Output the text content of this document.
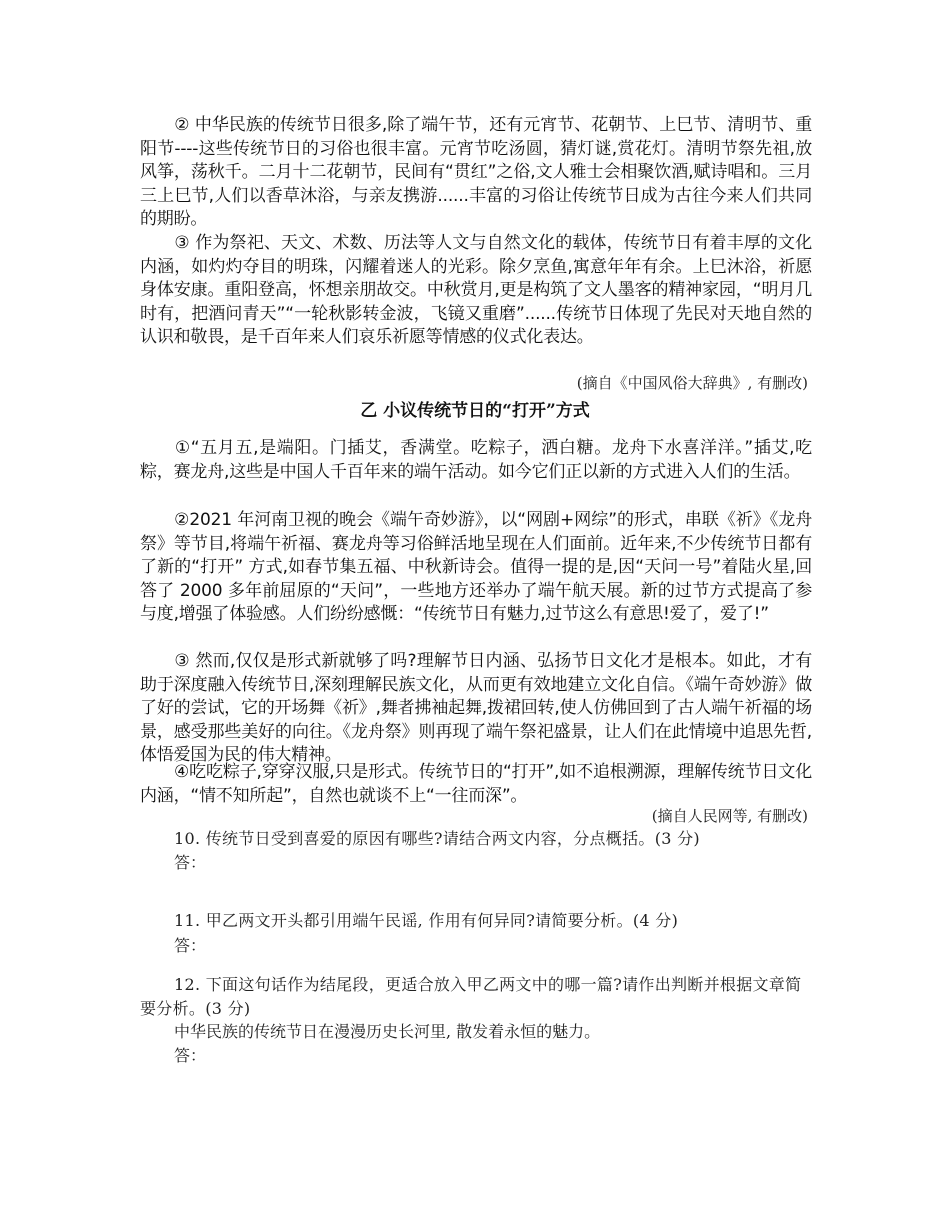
② 中华民族的传统节日很多,除了端午节，还有元宵节、花朝节、上巳节、清明节、重阳节----这些传统节日的习俗也很丰富。元宵节吃汤圆，猜灯谜,赏花灯。清明节祭先祖,放风筝，荡秋千。二月十二花朝节，民间有“贯红”之俗,文人雅士会相聚饮酒,赋诗唱和。三月三上巳节,人们以香草沐浴，与亲友携游......丰富的习俗让传统节日成为古往今来人们共同的期盼。
③ 作为祭祀、天文、术数、历法等人文与自然文化的载体，传统节日有着丰厚的文化内涵，如灼灼夺目的明珠，闪耀着迷人的光彩。除夕烹鱼,寓意年年有余。上巳沐浴，祈愿身体安康。重阳登高，怀想亲朋故交。中秋赏月,更是构筑了文人墨客的精神家园，“明月几时有，把酒问青天”“一轮秋影转金波，飞镜又重磨”......传统节日体现了先民对天地自然的认识和敬畏，是千百年来人们哀乐祈愿等情感的仪式化表达。
(摘自《中国风俗大辞典》, 有删改)
乙 小议传统节日的“打开”方式
①“五月五,是端阳。门插艾，香满堂。吃粽子，洒白糖。龙舟下水喜洋洋。”插艾,吃粽，赛龙舟,这些是中国人千百年来的端午活动。如今它们正以新的方式进入人们的生活。
②2021 年河南卫视的晚会《端午奇妙游》，以“网剧+网综”的形式，串联《祈》《龙舟祭》等节目,将端午祈福、赛龙舟等习俗鲜活地呈现在人们面前。近年来,不少传统节日都有了新的“打开” 方式,如春节集五福、中秋新诗会。值得一提的是,因“天问一号”着陆火星,回答了 2000 多年前屈原的“天问”，一些地方还举办了端午航天展。新的过节方式提高了参与度,增强了体验感。人们纷纷感慨：“传统节日有魅力,过节这么有意思!爱了，爱了!”
③ 然而,仅仅是形式新就够了吗?理解节日内涵、弘扬节日文化才是根本。如此，才有助于深度融入传统节日,深刻理解民族文化，从而更有效地建立文化自信。《端午奇妙游》做了好的尝试，它的开场舞《祈》,舞者拂袖起舞,拨裙回转,使人仿佛回到了古人端午祈福的场景，感受那些美好的向往。《龙舟祭》则再现了端午祭祀盛景，让人们在此情境中追思先哲,体悟爱国为民的伟大精神。
④吃吃粽子,穿穿汉服,只是形式。传统节日的“打开”,如不追根溯源，理解传统节日文化内涵，“情不知所起”，自然也就谈不上“一往而深”。
(摘自人民网等, 有删改)
10. 传统节日受到喜爱的原因有哪些?请结合两文内容，分点概括。(3 分)
答：
11. 甲乙两文开头都引用端午民谣, 作用有何异同?请简要分析。(4 分)
答：
12. 下面这句话作为结尾段，更适合放入甲乙两文中的哪一篇?请作出判断并根据文章简要分析。(3 分)
中华民族的传统节日在漫漫历史长河里, 散发着永恒的魅力。
答：
